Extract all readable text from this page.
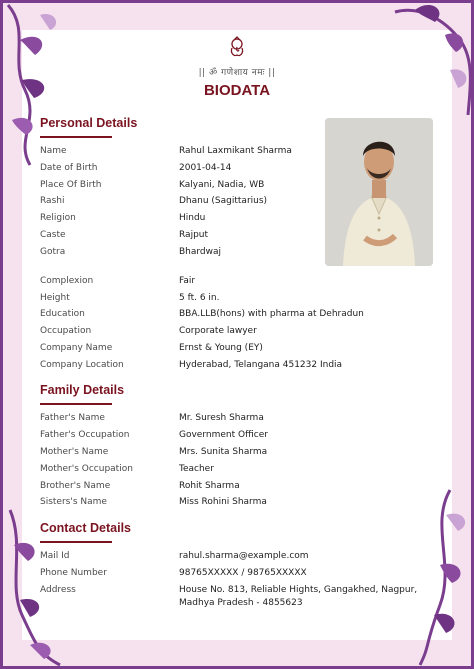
|| ॐ गणेशाय नमः ||
BIODATA
Personal Details
Name	Rahul Laxmikant Sharma
Date of Birth	2001-04-14
Place Of Birth	Kalyani, Nadia, WB
Rashi	Dhanu (Sagittarius)
Religion	Hindu
Caste	Rajput
Gotra	Bhardwaj
Complexion	Fair
Height	5 ft. 6 in.
Education	BBA.LLB(hons) with pharma at Dehradun
Occupation	Corporate lawyer
Company Name	Ernst & Young (EY)
Company Location	Hyderabad, Telangana 451232 India
Family Details
Father's Name	Mr. Suresh Sharma
Father's Occupation	Government Officer
Mother's Name	Mrs. Sunita Sharma
Mother's Occupation	Teacher
Brother's Name	Rohit Sharma
Sisters's Name	Miss Rohini Sharma
Contact Details
Mail Id	rahul.sharma@example.com
Phone Number	98765XXXXX / 98765XXXXX
Address	House No. 813, Reliable Hights, Gangakhed, Nagpur,
Madhya Pradesh - 4855623
